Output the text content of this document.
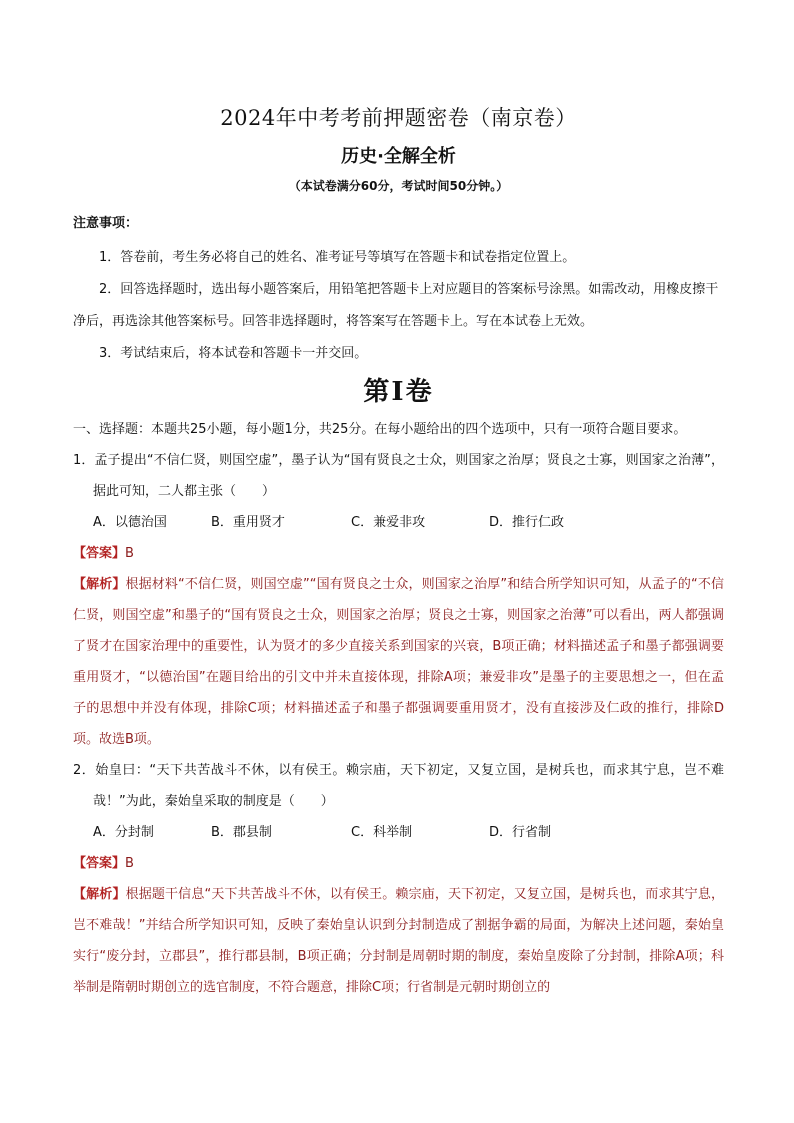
2024年中考考前押题密卷（南京卷）
历史·全解全析
（本试卷满分60分，考试时间50分钟。）
注意事项：

1．答卷前，考生务必将自己的姓名、准考证号等填写在答题卡和试卷指定位置上。

2．回答选择题时，选出每小题答案后，用铅笔把答题卡上对应题目的答案标号涂黑。如需改动，用橡皮擦干净后，再选涂其他答案标号。回答非选择题时，将答案写在答题卡上。写在本试卷上无效。

3．考试结束后，将本试卷和答题卡一并交回。

第I卷

一、选择题：本题共25小题，每小题1分，共25分。在每小题给出的四个选项中，只有一项符合题目要求。

1．孟子提出“不信仁贤，则国空虚”，墨子认为“国有贤良之士众，则国家之治厚；贤良之士寡，则国家之治薄”，据此可知，二人都主张（　　）

A．以德治国	B．重用贤才	C．兼爱非攻	D．推行仁政

【答案】B

【解析】根据材料“不信仁贤，则国空虚”“国有贤良之士众，则国家之治厚”和结合所学知识可知，从孟子的“不信仁贤，则国空虚”和墨子的“国有贤良之士众，则国家之治厚；贤良之士寡，则国家之治薄”可以看出，两人都强调了贤才在国家治理中的重要性，认为贤才的多少直接关系到国家的兴衰，B项正确；材料描述孟子和墨子都强调要重用贤才，“以德治国”在题目给出的引文中并未直接体现，排除A项；兼爱非攻”是墨子的主要思想之一，但在孟子的思想中并没有体现，排除C项；材料描述孟子和墨子都强调要重用贤才，没有直接涉及仁政的推行，排除D项。故选B项。

2．始皇曰：“天下共苦战斗不休，以有侯王。赖宗庙，天下初定，又复立国，是树兵也，而求其宁息，岂不难哉！”为此，秦始皇采取的制度是（　　）

A．分封制	B．郡县制	C．科举制	D．行省制

【答案】B

【解析】根据题干信息“天下共苦战斗不休，以有侯王。赖宗庙，天下初定，又复立国，是树兵也，而求其宁息，岂不难哉！”并结合所学知识可知，反映了秦始皇认识到分封制造成了割据争霸的局面，为解决上述问题，秦始皇实行“废分封，立郡县”，推行郡县制，B项正确；分封制是周朝时期的制度，秦始皇废除了分封制，排除A项；科举制是隋朝时期创立的选官制度，不符合题意，排除C项；行省制是元朝时期创立的
